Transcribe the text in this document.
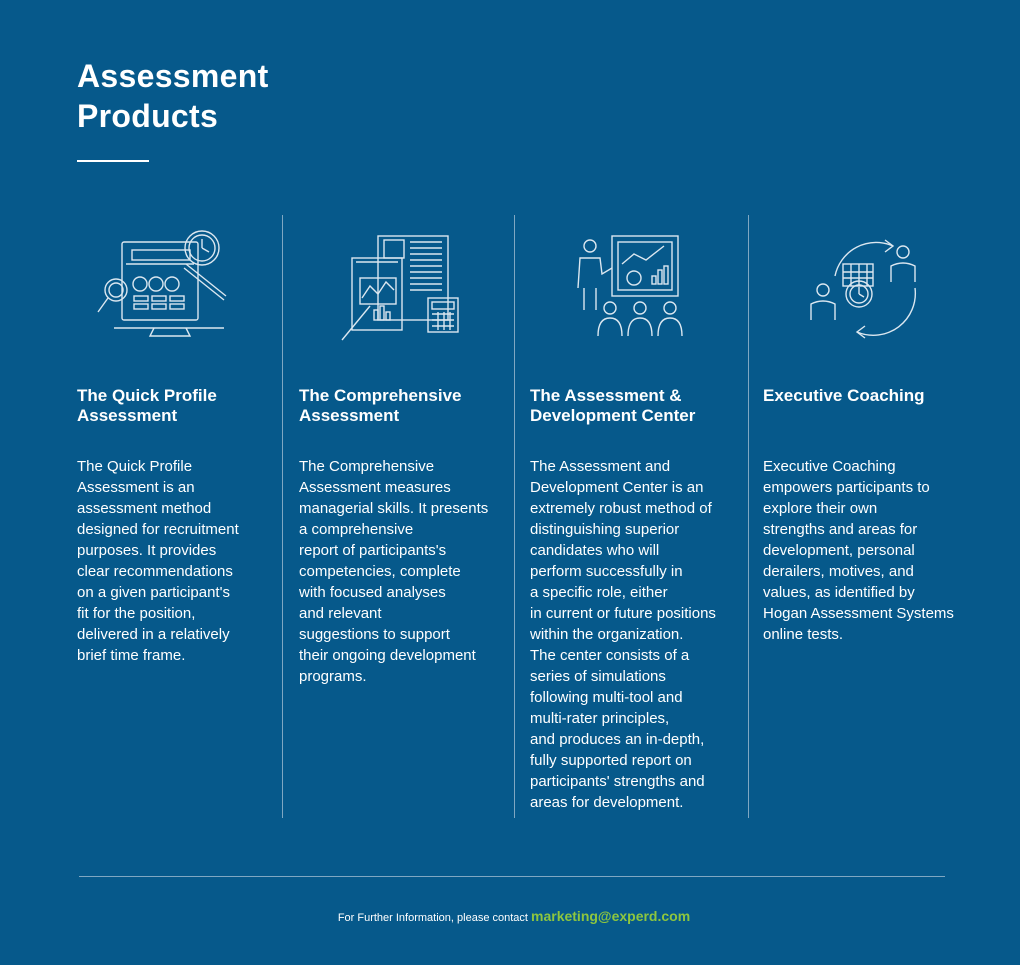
Assessment
Products
The Quick Profile
Assessment

The Quick Profile
Assessment is an
assessment method
designed for recruitment
purposes. It provides
clear recommendations
on a given participant's
fit for the position,
delivered in a relatively
brief time frame.

The Comprehensive
Assessment

The Comprehensive
Assessment measures
managerial skills. It presents
a comprehensive
report of participants's
competencies, complete
with focused analyses
and relevant
suggestions to support
their ongoing development
programs.

The Assessment &
Development Center

The Assessment and
Development Center is an
extremely robust method of
distinguishing superior
candidates who will
perform successfully in
a specific role, either
in current or future positions
within the organization.
The center consists of a
series of simulations
following multi-tool and
multi-rater principles,
and produces an in-depth,
fully supported report on
participants' strengths and
areas for development.

Executive Coaching

Executive Coaching
empowers participants to
explore their own
strengths and areas for
development, personal
derailers, motives, and
values, as identified by
Hogan Assessment Systems
online tests.

For Further Information, please contact marketing@experd.com
